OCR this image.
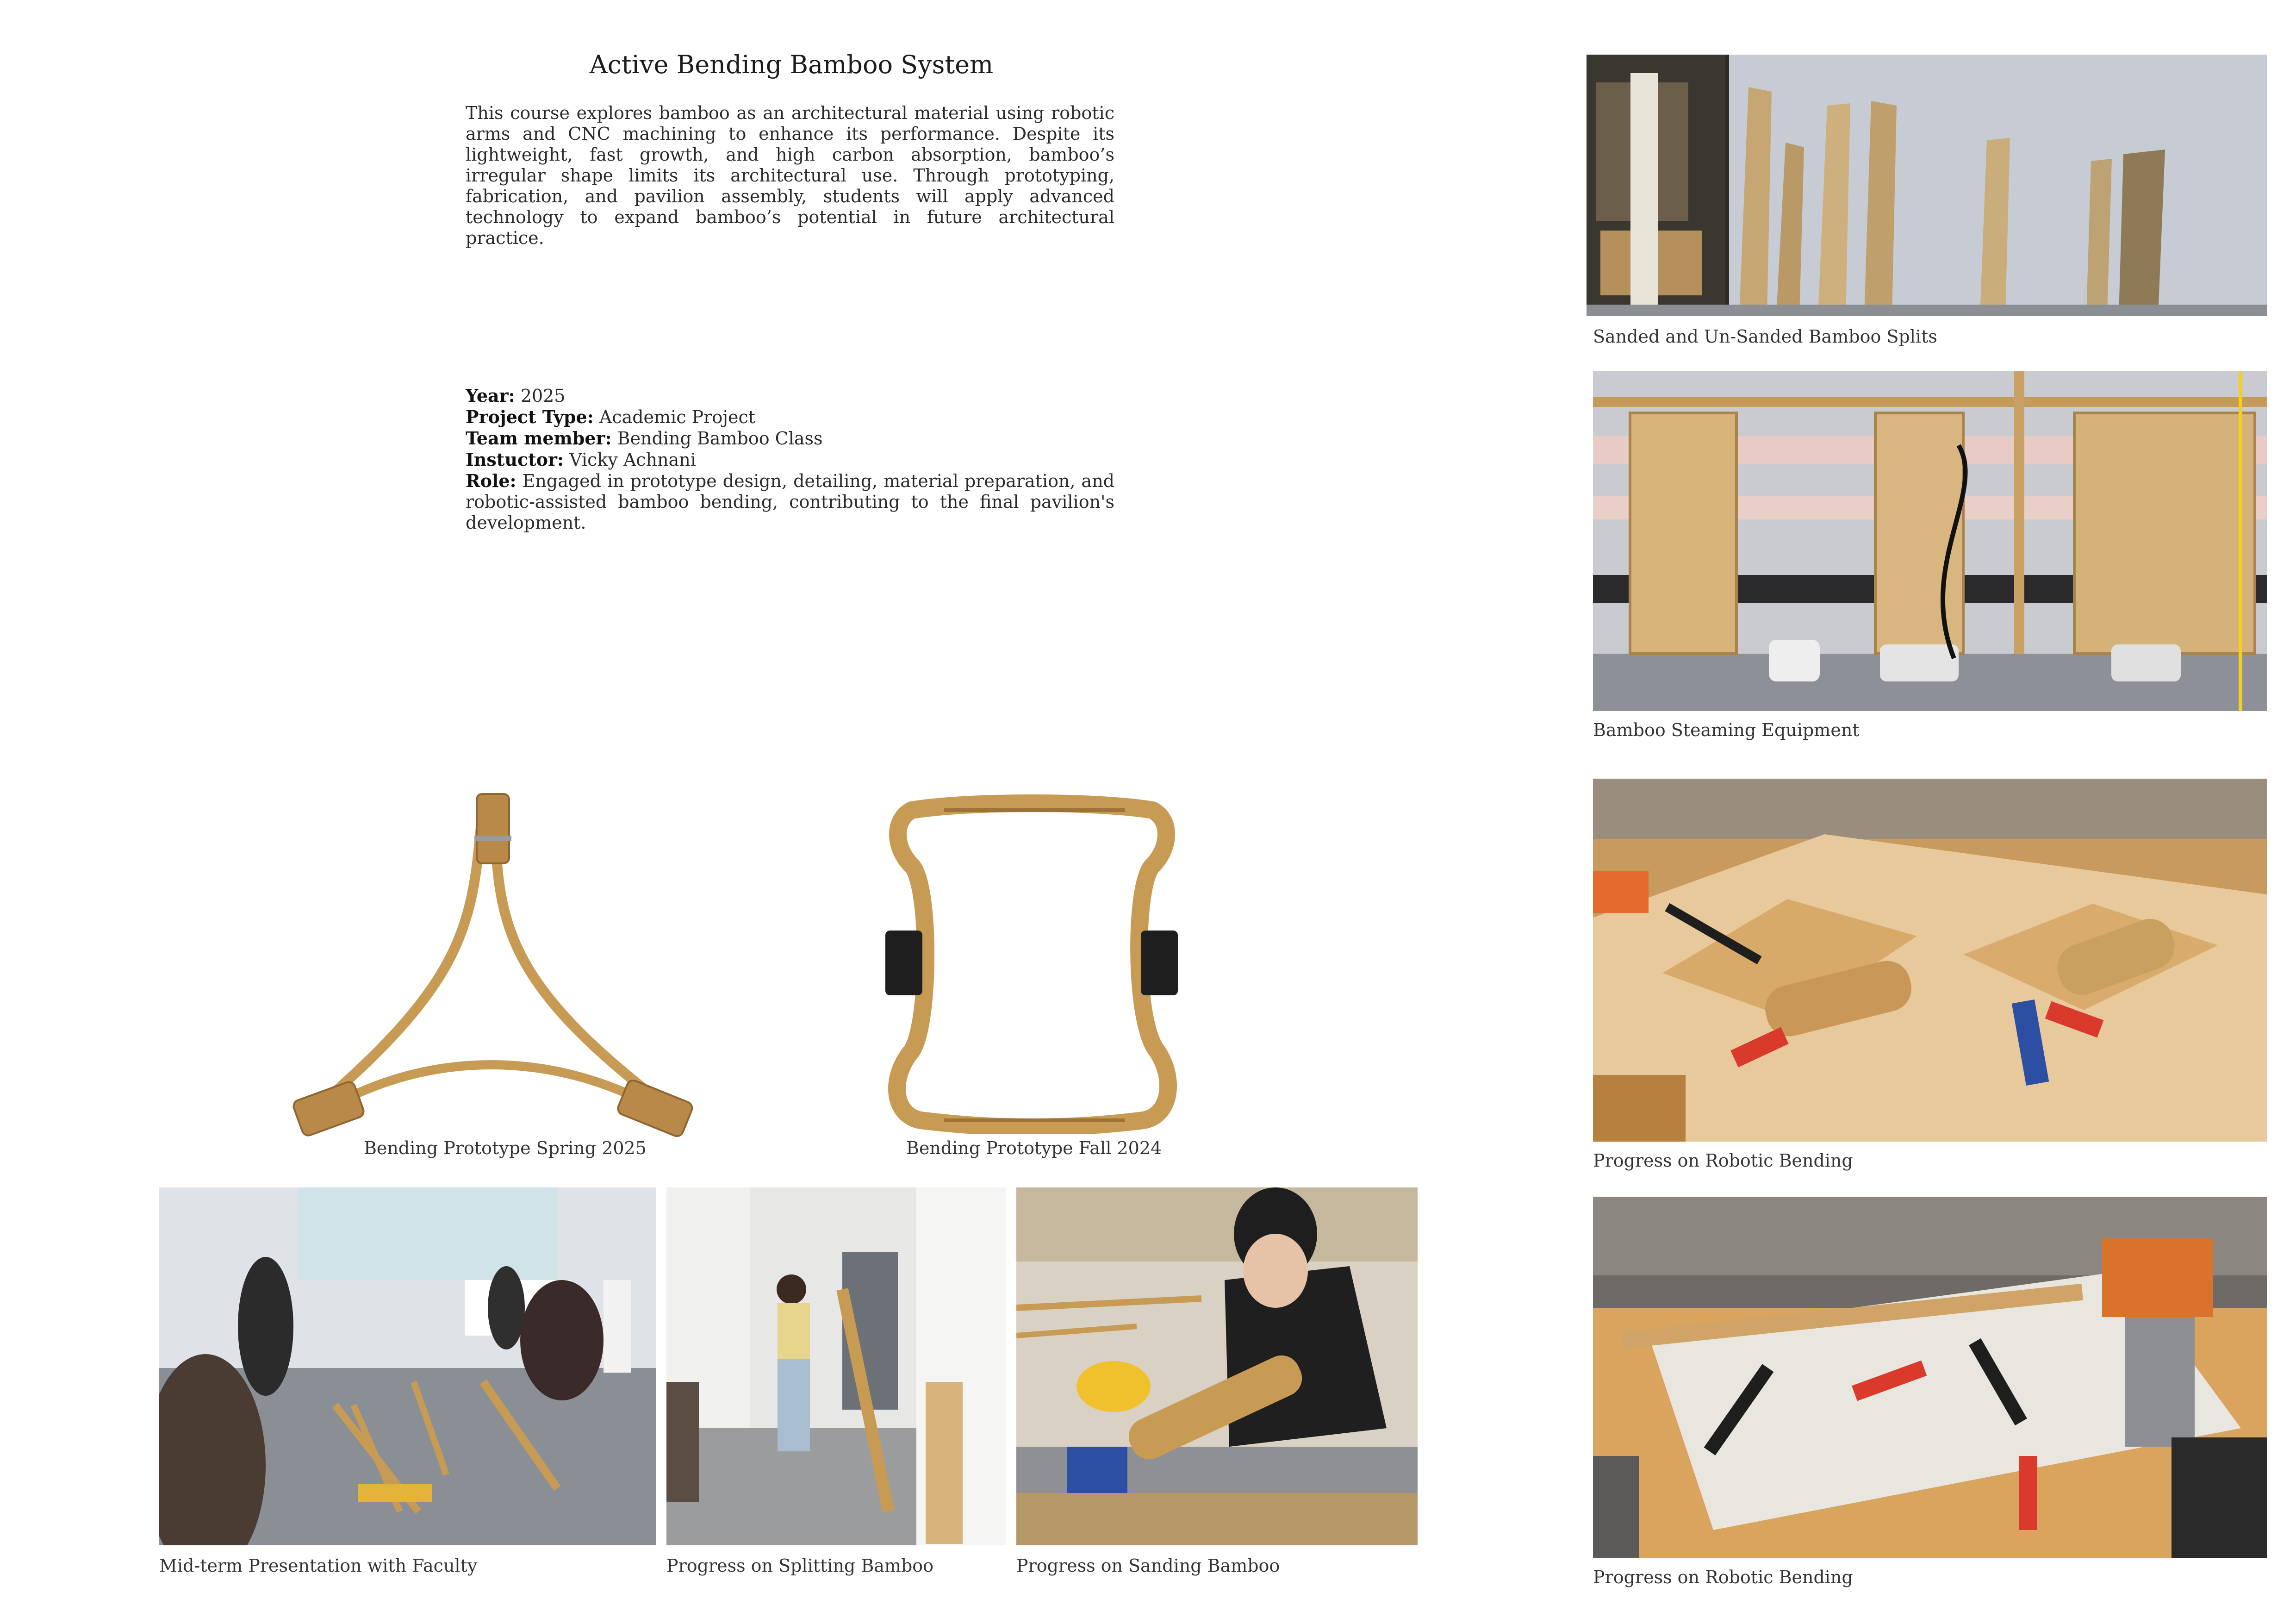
Active Bending Bamboo System

This course explores bamboo as an architectural material using robotic arms and CNC machining to enhance its performance. Despite its lightweight, fast growth, and high carbon absorption, bamboo’s irregular shape limits its architectural use. Through prototyping, fabrication, and pavilion assembly, students will apply advanced technology to expand bamboo’s potential in future architectural practice.

Year: 2025
Project Type: Academic Project
Team member: Bending Bamboo Class
Instuctor: Vicky Achnani
Role: Engaged in prototype design, detailing, material preparation, and robotic-assisted bamboo bending, contributing to the final pavilion's development.
Sanded and Un-Sanded Bamboo Splits
Bamboo Steaming Equipment
Progress on Robotic Bending
Progress on Robotic Bending
Bending Prototype Spring 2025	Bending Prototype Fall 2024
Mid-term Presentation with Faculty	Progress on Splitting Bamboo	Progress on Sanding Bamboo
